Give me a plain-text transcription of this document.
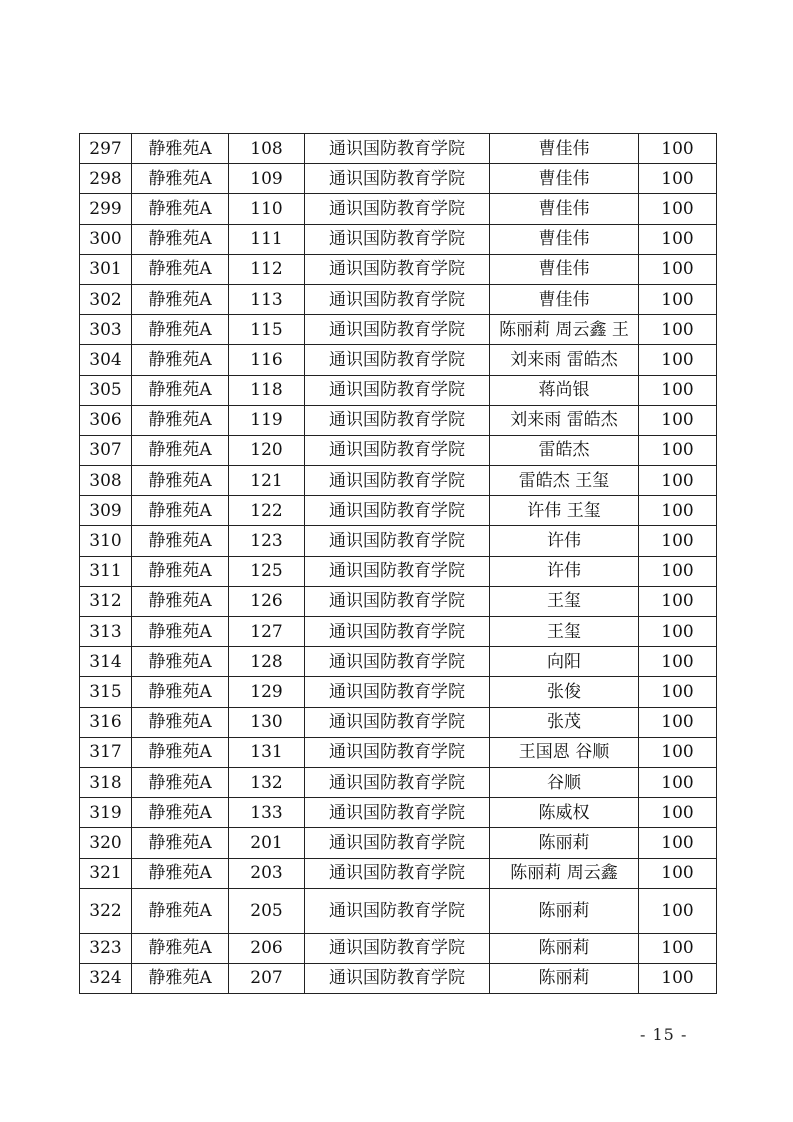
297	静雅苑A	108	通识国防教育学院	曹佳伟	100
298	静雅苑A	109	通识国防教育学院	曹佳伟	100
299	静雅苑A	110	通识国防教育学院	曹佳伟	100
300	静雅苑A	111	通识国防教育学院	曹佳伟	100
301	静雅苑A	112	通识国防教育学院	曹佳伟	100
302	静雅苑A	113	通识国防教育学院	曹佳伟	100
303	静雅苑A	115	通识国防教育学院	陈丽莉 周云鑫 王	100
304	静雅苑A	116	通识国防教育学院	刘来雨 雷皓杰	100
305	静雅苑A	118	通识国防教育学院	蒋尚银	100
306	静雅苑A	119	通识国防教育学院	刘来雨 雷皓杰	100
307	静雅苑A	120	通识国防教育学院	雷皓杰	100
308	静雅苑A	121	通识国防教育学院	雷皓杰 王玺	100
309	静雅苑A	122	通识国防教育学院	许伟 王玺	100
310	静雅苑A	123	通识国防教育学院	许伟	100
311	静雅苑A	125	通识国防教育学院	许伟	100
312	静雅苑A	126	通识国防教育学院	王玺	100
313	静雅苑A	127	通识国防教育学院	王玺	100
314	静雅苑A	128	通识国防教育学院	向阳	100
315	静雅苑A	129	通识国防教育学院	张俊	100
316	静雅苑A	130	通识国防教育学院	张茂	100
317	静雅苑A	131	通识国防教育学院	王国恩 谷顺	100
318	静雅苑A	132	通识国防教育学院	谷顺	100
319	静雅苑A	133	通识国防教育学院	陈威权	100
320	静雅苑A	201	通识国防教育学院	陈丽莉	100
321	静雅苑A	203	通识国防教育学院	陈丽莉 周云鑫	100
322	静雅苑A	205	通识国防教育学院	陈丽莉	100
323	静雅苑A	206	通识国防教育学院	陈丽莉	100
324	静雅苑A	207	通识国防教育学院	陈丽莉	100
- 15 -
